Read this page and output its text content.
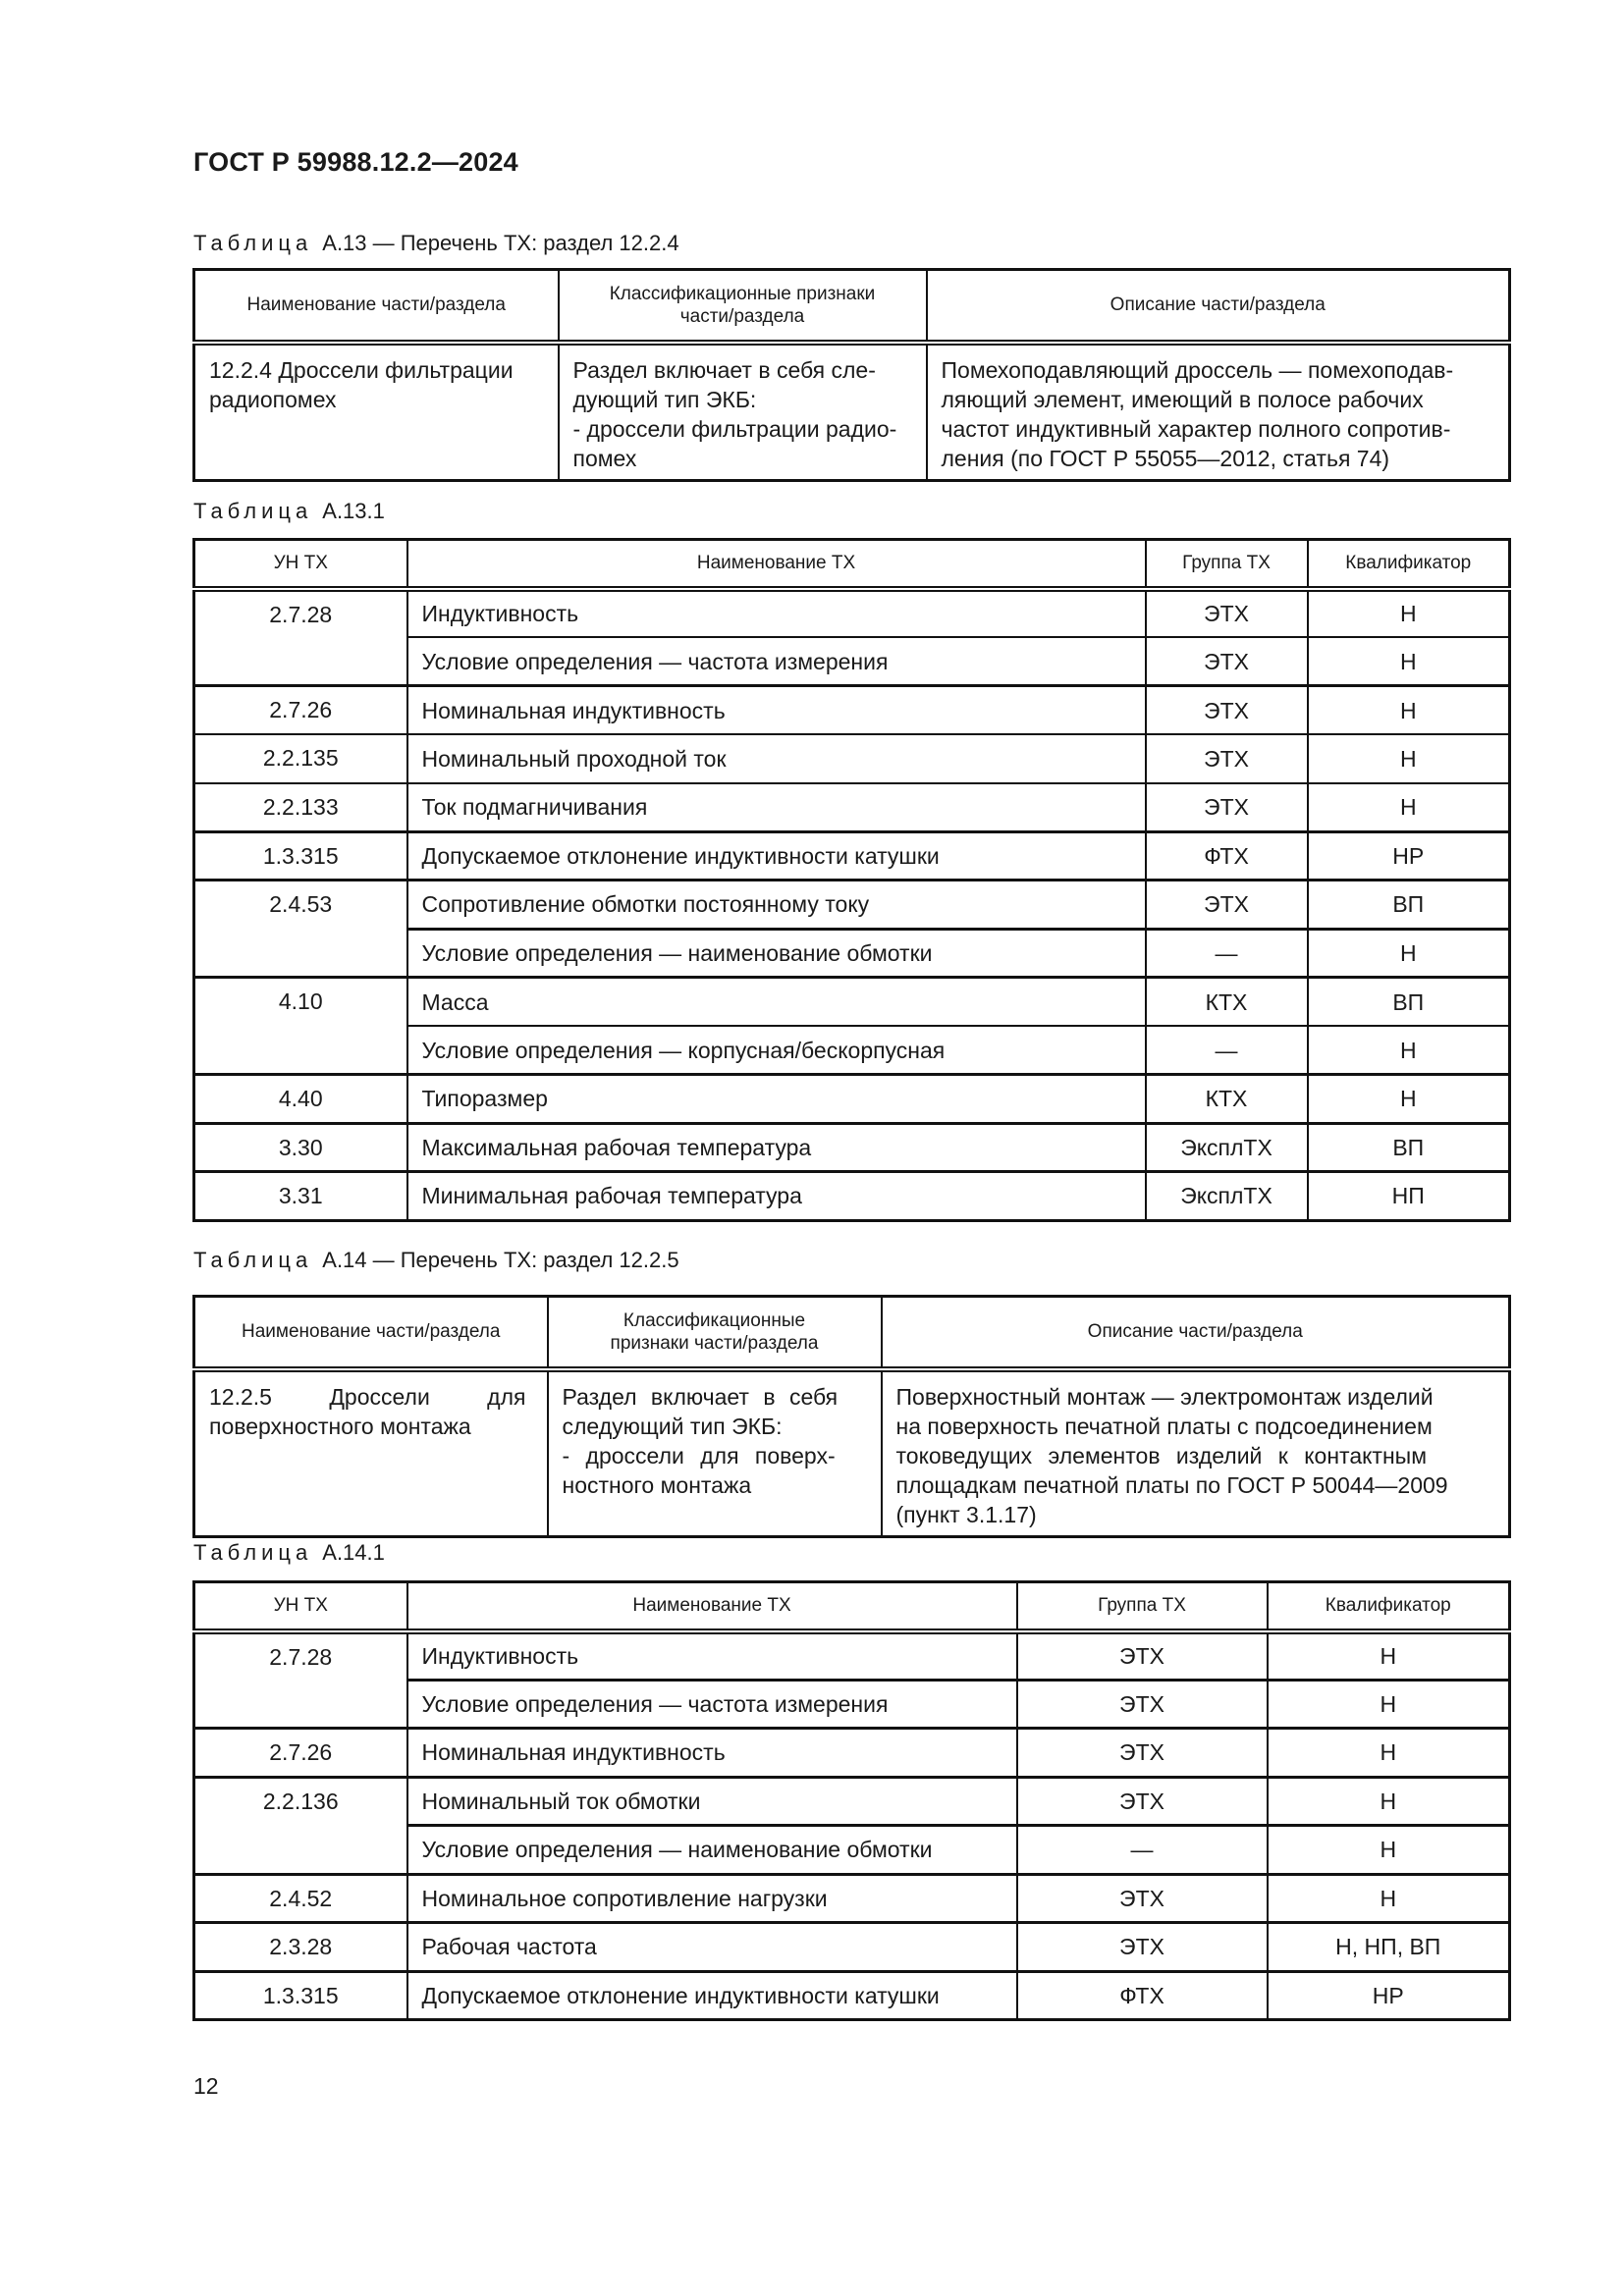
ГОСТ Р 59988.12.2—2024
Таблица А.13 — Перечень ТХ: раздел 12.2.4
Наименование части/раздела	Классификационные признаки части/раздела	Описание части/раздела
12.2.4 Дроссели фильтрации радиопомех	Раздел включает в себя сле-
дующий тип ЭКБ:
- дроссели фильтрации радио-
помех	Помехоподавляющий дроссель — помехоподав-
ляющий элемент, имеющий в полосе рабочих
частот индуктивный характер полного сопротив-
ления (по ГОСТ Р 55055—2012, статья 74)
Таблица А.13.1
УН ТХ	Наименование ТХ	Группа ТХ	Квалификатор
2.7.28	Индуктивность	ЭТХ	Н
	Условие определения — частота измерения	ЭТХ	Н
2.7.26	Номинальная индуктивность	ЭТХ	Н
2.2.135	Номинальный проходной ток	ЭТХ	Н
2.2.133	Ток подмагничивания	ЭТХ	Н
1.3.315	Допускаемое отклонение индуктивности катушки	ФТХ	НР
2.4.53	Сопротивление обмотки постоянному току	ЭТХ	ВП
	Условие определения — наименование обмотки	—	Н
4.10	Масса	КТХ	ВП
	Условие определения — корпусная/бескорпусная	—	Н
4.40	Типоразмер	КТХ	Н
3.30	Максимальная рабочая температура	ЭксплТХ	ВП
3.31	Минимальная рабочая температура	ЭксплТХ	НП
Таблица А.14 — Перечень ТХ: раздел 12.2.5
Наименование части/раздела	Классификационные признаки части/раздела	Описание части/раздела

12.2.5 Дроссели для
поверхностного монтажа	Раздел включает в себя
следующий тип ЭКБ:
- дроссели для поверх-
ностного монтажа	Поверхностный монтаж — электромонтаж изделий
на поверхность печатной платы с подсоединением
токоведущих элементов изделий к контактным
площадкам печатной платы по ГОСТ Р 50044—2009
(пункт 3.1.17)
Таблица А.14.1
УН ТХ	Наименование ТХ	Группа ТХ	Квалификатор
2.7.28	Индуктивность	ЭТХ	Н
	Условие определения — частота измерения	ЭТХ	Н
2.7.26	Номинальная индуктивность	ЭТХ	Н
2.2.136	Номинальный ток обмотки	ЭТХ	Н
	Условие определения — наименование обмотки	—	Н
2.4.52	Номинальное сопротивление нагрузки	ЭТХ	Н
2.3.28	Рабочая частота	ЭТХ	Н, НП, ВП
1.3.315	Допускаемое отклонение индуктивности катушки	ФТХ	НР
12
